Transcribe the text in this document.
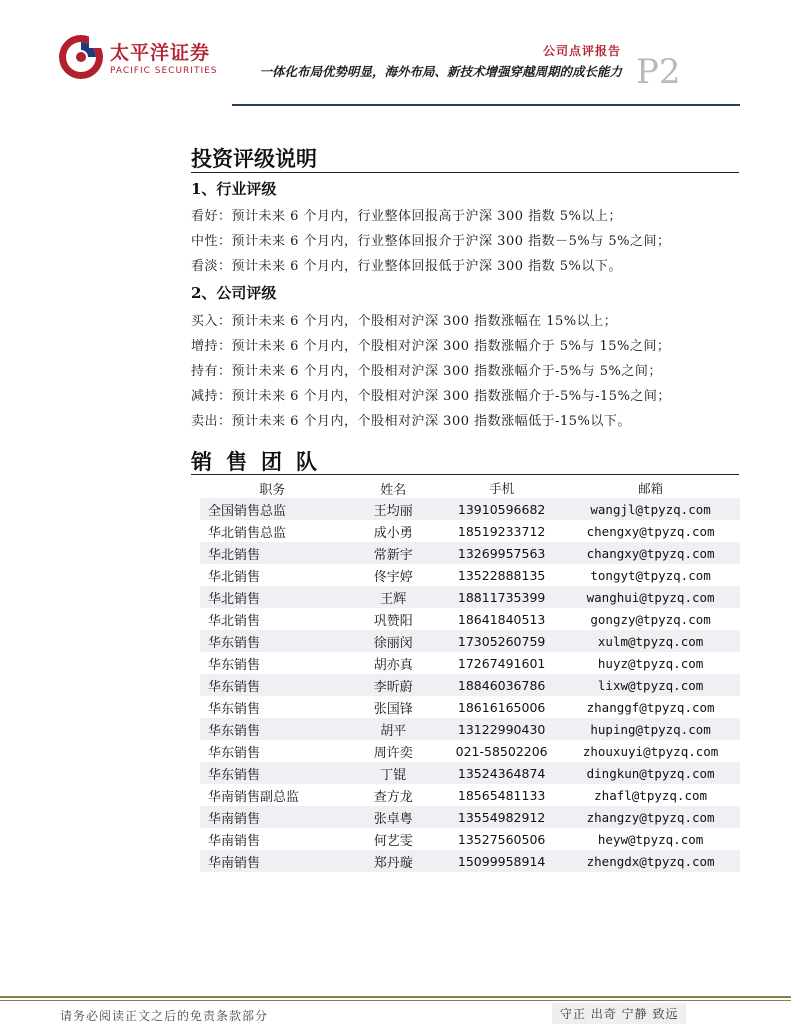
太平洋证券
PACIFIC SECURITIES
公司点评报告
一体化布局优势明显，海外布局、新技术增强穿越周期的成长能力 P2
投资评级说明
1、行业评级
看好：预计未来 6 个月内，行业整体回报高于沪深 300 指数 5%以上；
中性：预计未来 6 个月内，行业整体回报介于沪深 300 指数－5%与 5%之间；
看淡：预计未来 6 个月内，行业整体回报低于沪深 300 指数 5%以下。
2、公司评级
买入：预计未来 6 个月内，个股相对沪深 300 指数涨幅在 15%以上；
增持：预计未来 6 个月内，个股相对沪深 300 指数涨幅介于 5%与 15%之间；
持有：预计未来 6 个月内，个股相对沪深 300 指数涨幅介于-5%与 5%之间；
减持：预计未来 6 个月内，个股相对沪深 300 指数涨幅介于-5%与-15%之间；
卖出：预计未来 6 个月内，个股相对沪深 300 指数涨幅低于-15%以下。
销售团队
职务	姓名	手机	邮箱
全国销售总监	王均丽	13910596682	wangjl@tpyzq.com
华北销售总监	成小勇	18519233712	chengxy@tpyzq.com
华北销售	常新宇	13269957563	changxy@tpyzq.com
华北销售	佟宇婷	13522888135	tongyt@tpyzq.com
华北销售	王辉	18811735399	wanghui@tpyzq.com
华北销售	巩赞阳	18641840513	gongzy@tpyzq.com
华东销售	徐丽闵	17305260759	xulm@tpyzq.com
华东销售	胡亦真	17267491601	huyz@tpyzq.com
华东销售	李昕蔚	18846036786	lixw@tpyzq.com
华东销售	张国锋	18616165006	zhanggf@tpyzq.com
华东销售	胡平	13122990430	huping@tpyzq.com
华东销售	周许奕	021-58502206	zhouxuyi@tpyzq.com
华东销售	丁锟	13524364874	dingkun@tpyzq.com
华南销售副总监	查方龙	18565481133	zhafl@tpyzq.com
华南销售	张卓粤	13554982912	zhangzy@tpyzq.com
华南销售	何艺雯	13527560506	heyw@tpyzq.com
华南销售	郑丹璇	15099958914	zhengdx@tpyzq.com
请务必阅读正文之后的免责条款部分	守正 出奇 宁静 致远
